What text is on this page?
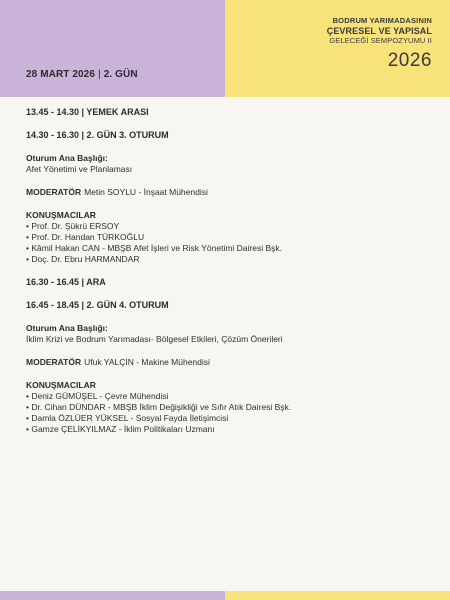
28 MART 2026 | 2. GÜN
BODRUM YARIMADASININ
ÇEVRESEL VE YAPISAL
GELECEĞİ SEMPOZYUMU II
2026
13.45 - 14.30 | YEMEK ARASI
14.30 - 16.30 | 2. GÜN 3. OTURUM
Oturum Ana Başlığı:
Afet Yönetimi ve Planlaması
MODERATÖR Metin SOYLU - İnşaat Mühendisi
KONUŞMACILAR
• Prof. Dr. Şükrü ERSOY
• Prof. Dr. Handan TÜRKOĞLU
• Kâmil Hakan CAN - MBŞB Afet İşleri ve Risk Yönetimi Dairesi Bşk.
• Doç. Dr. Ebru HARMANDAR
16.30 - 16.45 | ARA
16.45 - 18.45 | 2. GÜN 4. OTURUM
Oturum Ana Başlığı:
İklim Krizi ve Bodrum Yarımadası- Bölgesel Etkileri, Çözüm Önerileri
MODERATÖR Ufuk YALÇIN - Makine Mühendisi
KONUŞMACILAR
• Deniz GÜMÜŞEL - Çevre Mühendisi
• Dr. Cihan DÜNDAR - MBŞB İklim Değişikliği ve Sıfır Atık Dairesi Bşk.
• Damla ÖZLÜER YÜKSEL - Sosyal Fayda İletişimcisi
• Gamze ÇELİKYILMAZ - İklim Politikaları Uzmanı
